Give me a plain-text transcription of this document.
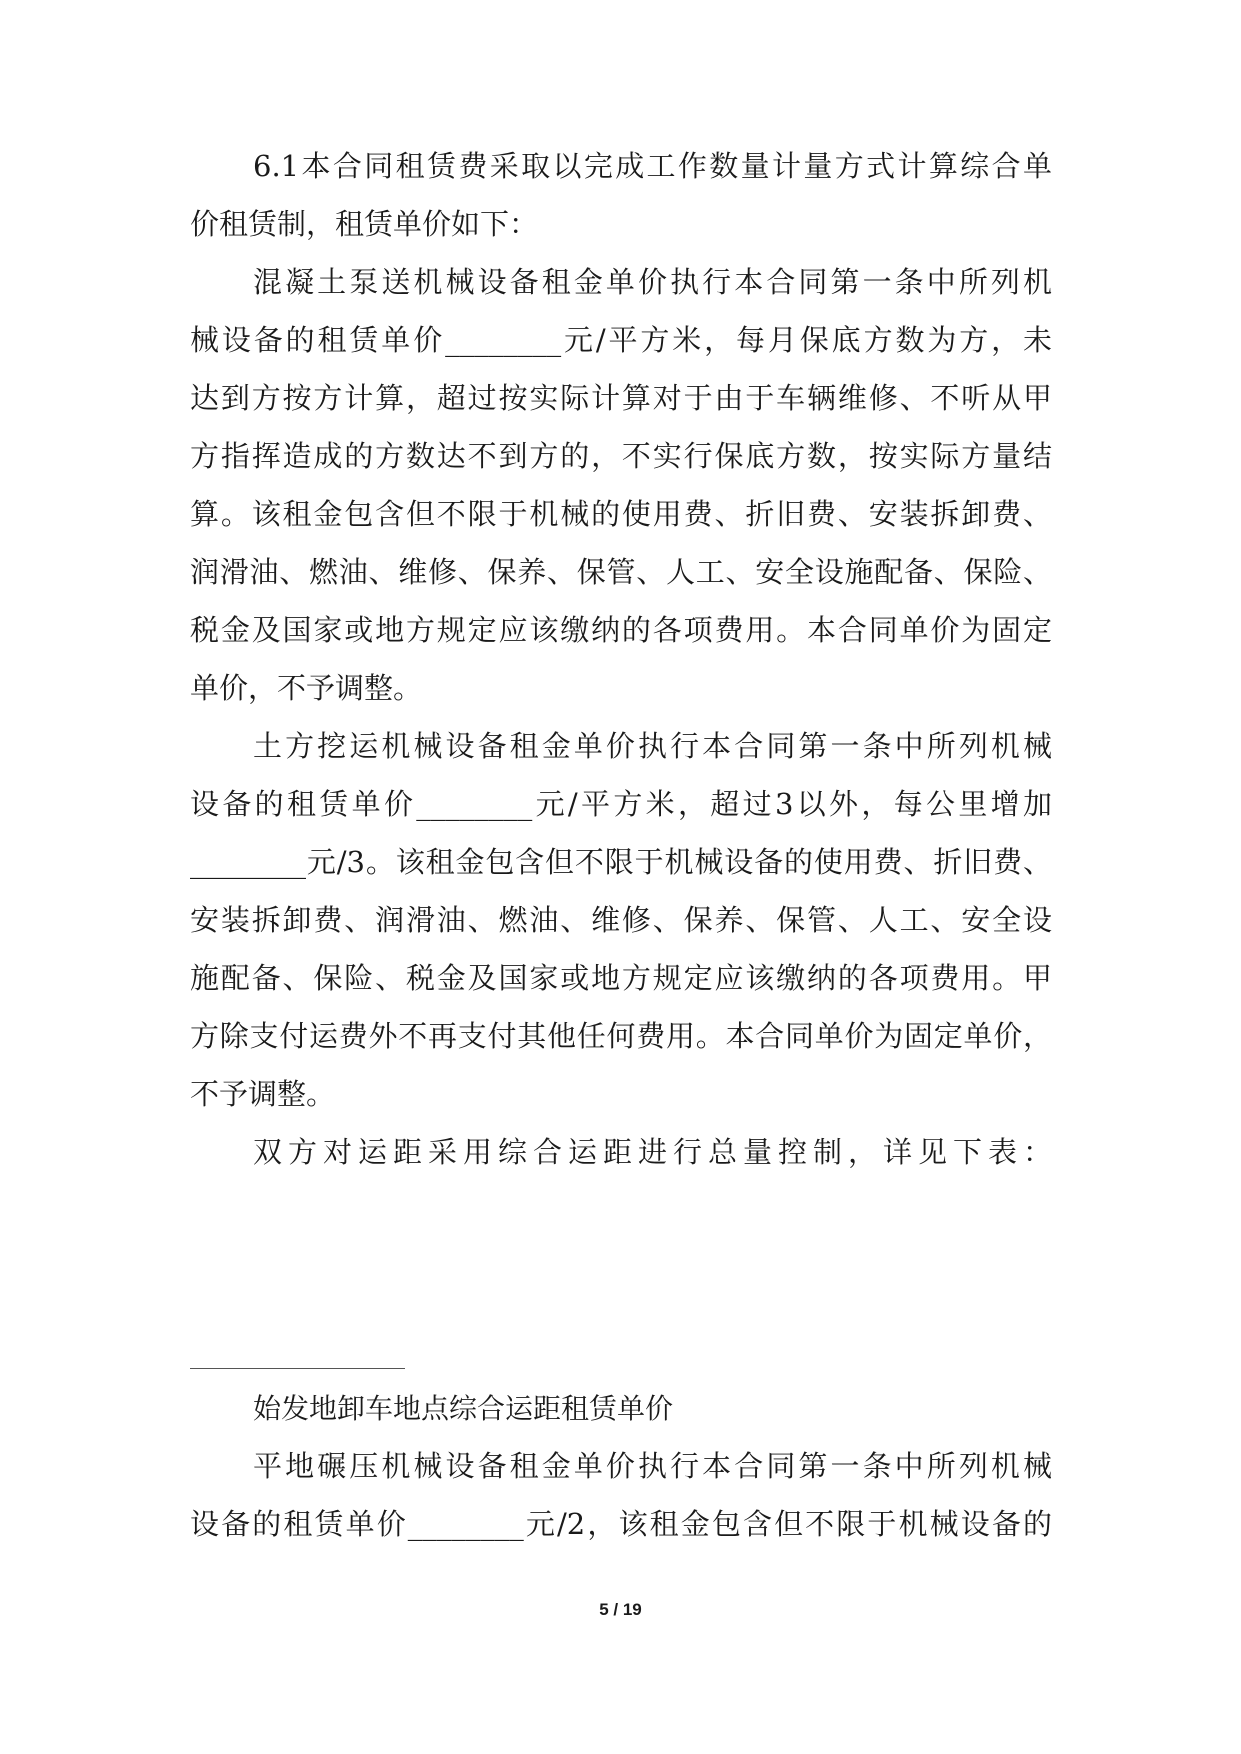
6.1本合同租赁费采取以完成工作数量计量方式计算综合单
价租赁制，租赁单价如下：
混凝土泵送机械设备租金单价执行本合同第一条中所列机
械设备的租赁单价________元/平方米，每月保底方数为方，未
达到方按方计算，超过按实际计算对于由于车辆维修、不听从甲
方指挥造成的方数达不到方的，不实行保底方数，按实际方量结
算。该租金包含但不限于机械的使用费、折旧费、安装拆卸费、
润滑油、燃油、维修、保养、保管、人工、安全设施配备、保险、
税金及国家或地方规定应该缴纳的各项费用。本合同单价为固定
单价，不予调整。
土方挖运机械设备租金单价执行本合同第一条中所列机械
设备的租赁单价________元/平方米，超过3以外，每公里增加
________元/3。该租金包含但不限于机械设备的使用费、折旧费、
安装拆卸费、润滑油、燃油、维修、保养、保管、人工、安全设
施配备、保险、税金及国家或地方规定应该缴纳的各项费用。甲
方除支付运费外不再支付其他任何费用。本合同单价为固定单价，
不予调整。
双方对运距采用综合运距进行总量控制，详见下表：
始发地卸车地点综合运距租赁单价
平地碾压机械设备租金单价执行本合同第一条中所列机械
设备的租赁单价________元/2，该租金包含但不限于机械设备的
5 / 19
